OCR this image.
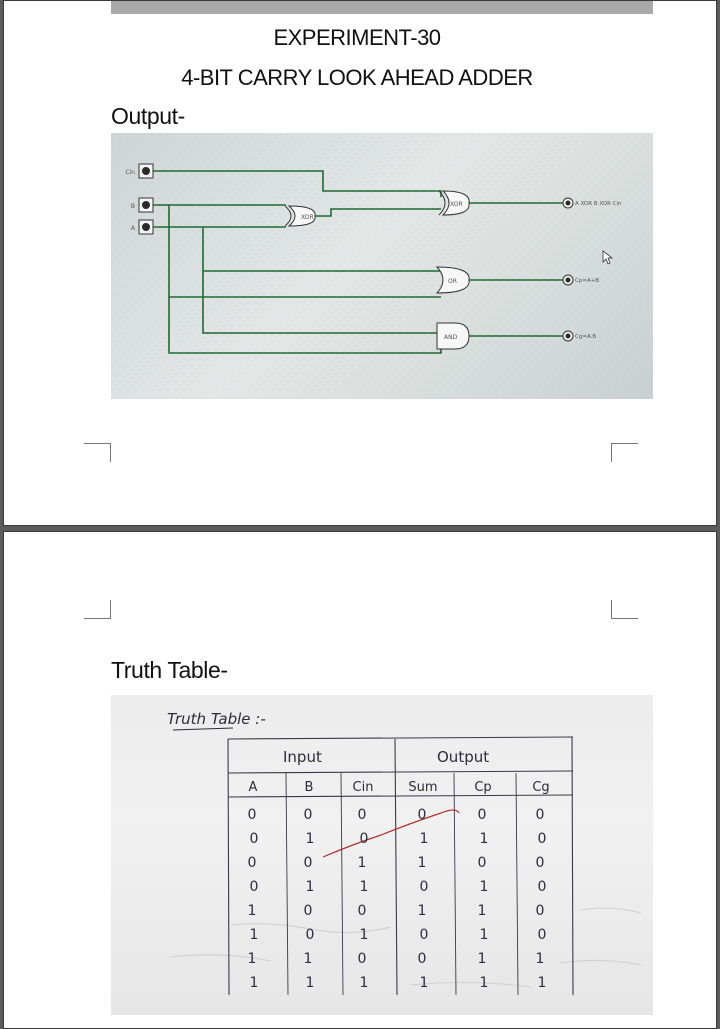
EXPERIMENT-30
4-BIT CARRY LOOK AHEAD ADDER
Output-
Cin
B
A
XOR
XOR
OR
AND
A XOR B XOR Cin
Cp=A+B
Cg=A.B
Truth Table-
Truth Table :-
Input	Output
A	B	Cin	Sum	Cp	Cg
0	0	0	0	0	0
0	1	0	1	1	0
0	0	1	1	0	0
0	1	1	0	1	0
1	0	0	1	1	0
1	0	1	0	1	0
1	1	0	0	1	1
1	1	1	1	1	1
